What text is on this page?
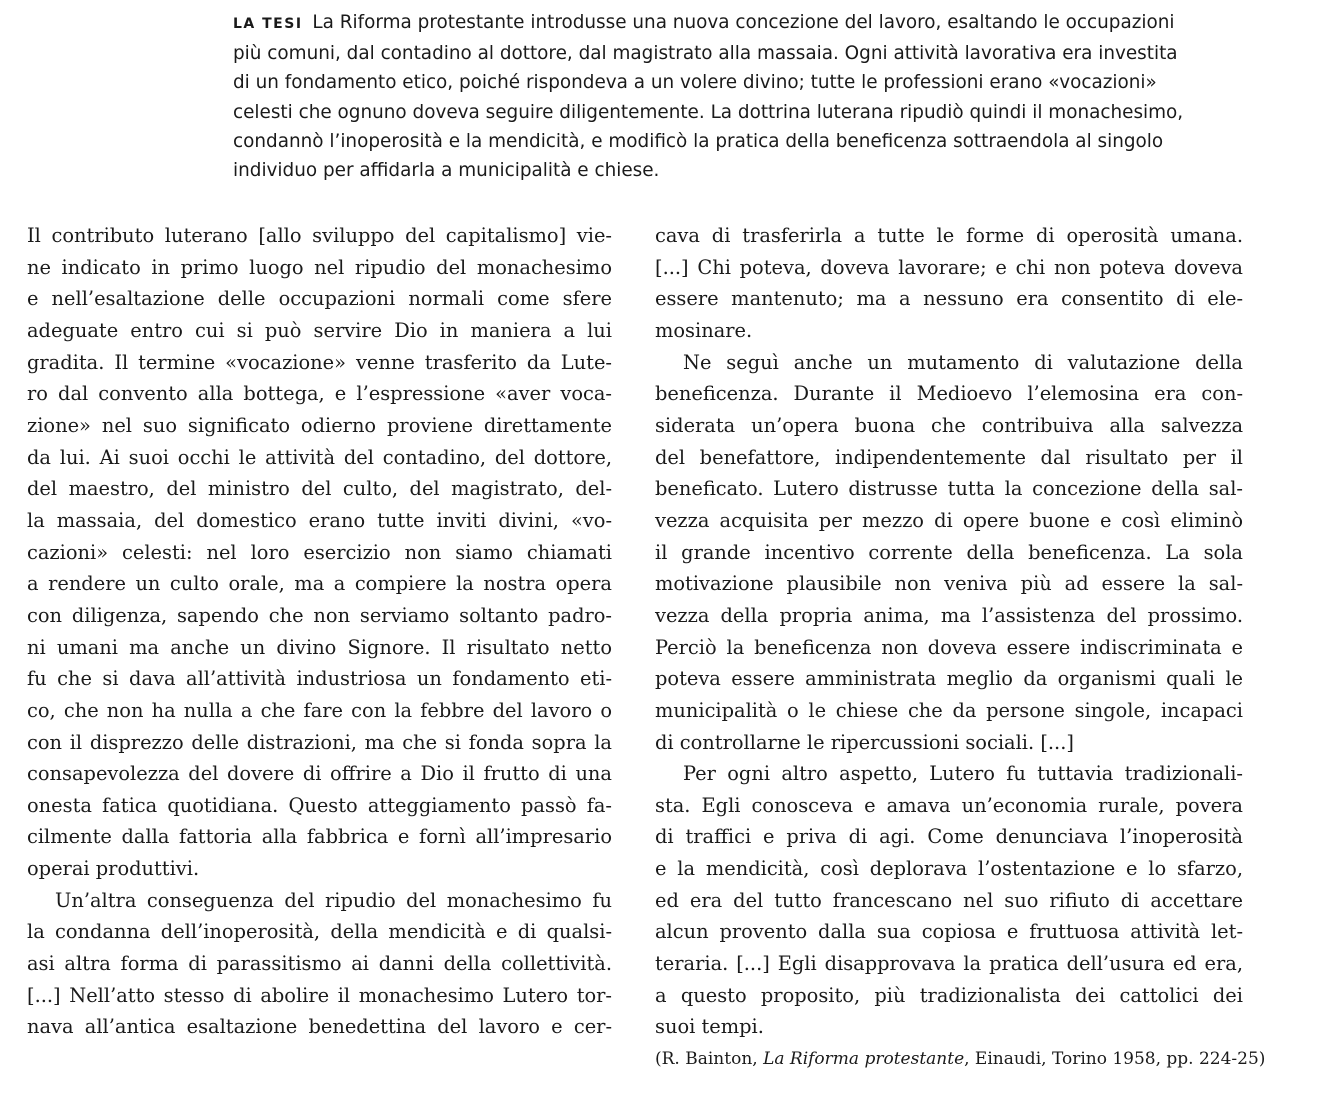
LA TESI La Riforma protestante introdusse una nuova concezione del lavoro, esaltando le occupazioni
più comuni, dal contadino al dottore, dal magistrato alla massaia. Ogni attività lavorativa era investita
di un fondamento etico, poiché rispondeva a un volere divino; tutte le professioni erano «vocazioni»
celesti che ognuno doveva seguire diligentemente. La dottrina luterana ripudiò quindi il monachesimo,
condannò l’inoperosità e la mendicità, e modificò la pratica della beneficenza sottraendola al singolo
individuo per affidarla a municipalità e chiese.
Il contributo luterano [allo sviluppo del capitalismo] vie-
ne indicato in primo luogo nel ripudio del monachesimo
e nell’esaltazione delle occupazioni normali come sfere
adeguate entro cui si può servire Dio in maniera a lui
gradita. Il termine «vocazione» venne trasferito da Lute-
ro dal convento alla bottega, e l’espressione «aver voca-
zione» nel suo significato odierno proviene direttamente
da lui. Ai suoi occhi le attività del contadino, del dottore,
del maestro, del ministro del culto, del magistrato, del-
la massaia, del domestico erano tutte inviti divini, «vo-
cazioni» celesti: nel loro esercizio non siamo chiamati
a rendere un culto orale, ma a compiere la nostra opera
con diligenza, sapendo che non serviamo soltanto padro-
ni umani ma anche un divino Signore. Il risultato netto
fu che si dava all’attività industriosa un fondamento eti-
co, che non ha nulla a che fare con la febbre del lavoro o
con il disprezzo delle distrazioni, ma che si fonda sopra la
consapevolezza del dovere di offrire a Dio il frutto di una
onesta fatica quotidiana. Questo atteggiamento passò fa-
cilmente dalla fattoria alla fabbrica e fornì all’impresario
operai produttivi.
Un’altra conseguenza del ripudio del monachesimo fu
la condanna dell’inoperosità, della mendicità e di qualsi-
asi altra forma di parassitismo ai danni della collettività.
[...] Nell’atto stesso di abolire il monachesimo Lutero tor-
nava all’antica esaltazione benedettina del lavoro e cer-
cava di trasferirla a tutte le forme di operosità umana.
[...] Chi poteva, doveva lavorare; e chi non poteva doveva
essere mantenuto; ma a nessuno era consentito di ele-
mosinare.
Ne seguì anche un mutamento di valutazione della
beneficenza. Durante il Medioevo l’elemosina era con-
siderata un’opera buona che contribuiva alla salvezza
del benefattore, indipendentemente dal risultato per il
beneficato. Lutero distrusse tutta la concezione della sal-
vezza acquisita per mezzo di opere buone e così eliminò
il grande incentivo corrente della beneficenza. La sola
motivazione plausibile non veniva più ad essere la sal-
vezza della propria anima, ma l’assistenza del prossimo.
Perciò la beneficenza non doveva essere indiscriminata e
poteva essere amministrata meglio da organismi quali le
municipalità o le chiese che da persone singole, incapaci
di controllarne le ripercussioni sociali. [...]
Per ogni altro aspetto, Lutero fu tuttavia tradizionali-
sta. Egli conosceva e amava un’economia rurale, povera
di traffici e priva di agi. Come denunciava l’inoperosità
e la mendicità, così deplorava l’ostentazione e lo sfarzo,
ed era del tutto francescano nel suo rifiuto di accettare
alcun provento dalla sua copiosa e fruttuosa attività let-
teraria. [...] Egli disapprovava la pratica dell’usura ed era,
a questo proposito, più tradizionalista dei cattolici dei
suoi tempi.
(R. Bainton, La Riforma protestante, Einaudi, Torino 1958, pp. 224-25)
